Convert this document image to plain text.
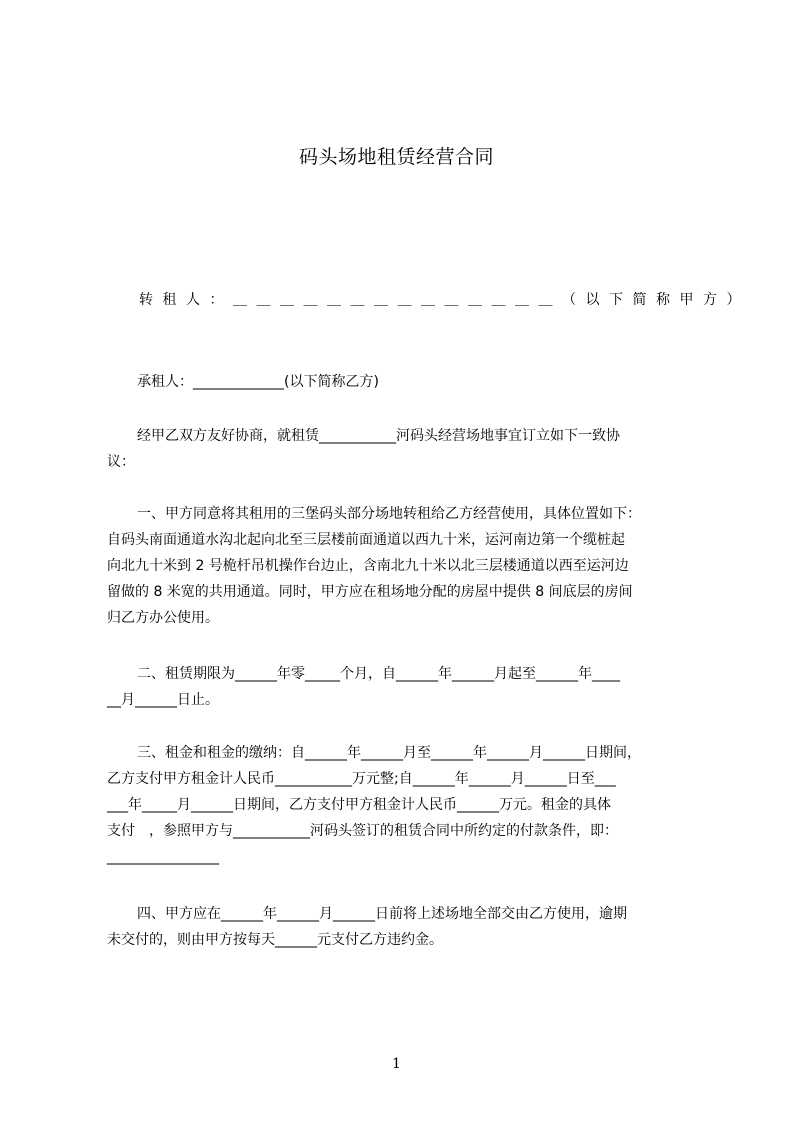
码头场地租赁经营合同
转租人：＿＿＿＿＿＿＿＿＿＿＿＿＿＿（以下简称甲方）
承租人：_____________(以下简称乙方)
经甲乙双方友好协商，就租赁___________河码头经营场地事宜订立如下一致协
议：
一、甲方同意将其租用的三堡码头部分场地转租给乙方经营使用，具体位置如下：
自码头南面通道水沟北起向北至三层楼前面通道以西九十米，运河南边第一个缆桩起
向北九十米到 2 号桅杆吊机操作台边止，含南北九十米以北三层楼通道以西至运河边
留做的 8 米宽的共用通道。同时，甲方应在租场地分配的房屋中提供 8 间底层的房间
归乙方办公使用。
二、租赁期限为______年零_____个月，自______年______月起至______年____
__月______日止。
三、租金和租金的缴纳：自______年______月至______年______月______日期间，
乙方支付甲方租金计人民币___________万元整;自______年______月______日至___
___年_____月______日期间，乙方支付甲方租金计人民币______万元。租金的具体
支付　，参照甲方与___________河码头签订的租赁合同中所约定的付款条件，即：
________________
四、甲方应在______年______月______日前将上述场地全部交由乙方使用，逾期
未交付的，则由甲方按每天______元支付乙方违约金。
1
